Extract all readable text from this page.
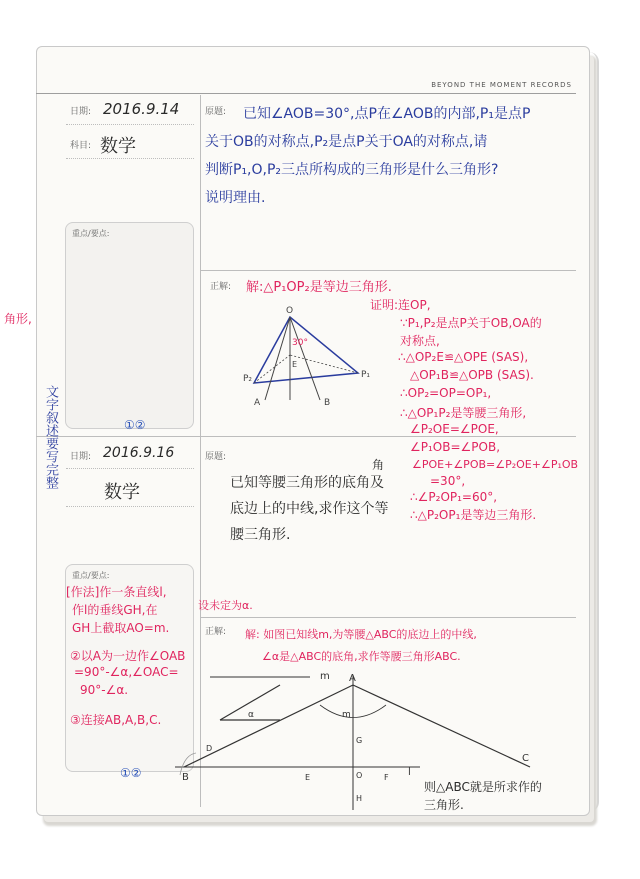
BEYOND THE MOMENT RECORDS
日期: 2016.9.14
科目: 数学
原题: 已知∠AOB=30°,点P在∠AOB的内部,P₁是点P
关于OB的对称点,P₂是点P关于OA的对称点,请
判断P₁,O,P₂三点所构成的三角形是什么三角形?
说明理由.
重点/要点:
①②
正解: 解:△P₁OP₂是等边三角形.
证明:连OP,
∵P₁,P₂是点P关于OB,OA的
对称点,
∴△OP₂E≌△OPE (SAS),
△OP₁B≌△OPB (SAS).
∴OP₂=OP=OP₁,
∴△OP₁P₂是等腰三角形,
∠P₂OE=∠POE,
∠P₁OB=∠POB,
∠POE+∠POB=∠P₂OE+∠P₁OB
=30°,
∴∠P₂OP₁=60°,
∴△P₂OP₁是等边三角形.
O
P₂	P₁
A	B
E
30°
日期: 2016.9.16
数学
原题:
角
已知等腰三角形的底角及
底边上的中线,求作这个等
腰三角形.
重点/要点:
[作法]作一条直线l,
作l的垂线GH,在
GH上截取AO=m.
②以A为一边作∠OAB
=90°-∠α,∠OAC=
90°-∠α.
③连接AB,A,B,C.
设未定为α.
①②
正解: 解: 如图已知线m,为等腰△ABC的底边上的中线,
∠α是△ABC的底角,求作等腰三角形ABC.
m
α
A
m
G
B
C
D
E	F
O	l
H
则△ABC就是所求作的
三角形.
角形,
文字叙述要写完整
